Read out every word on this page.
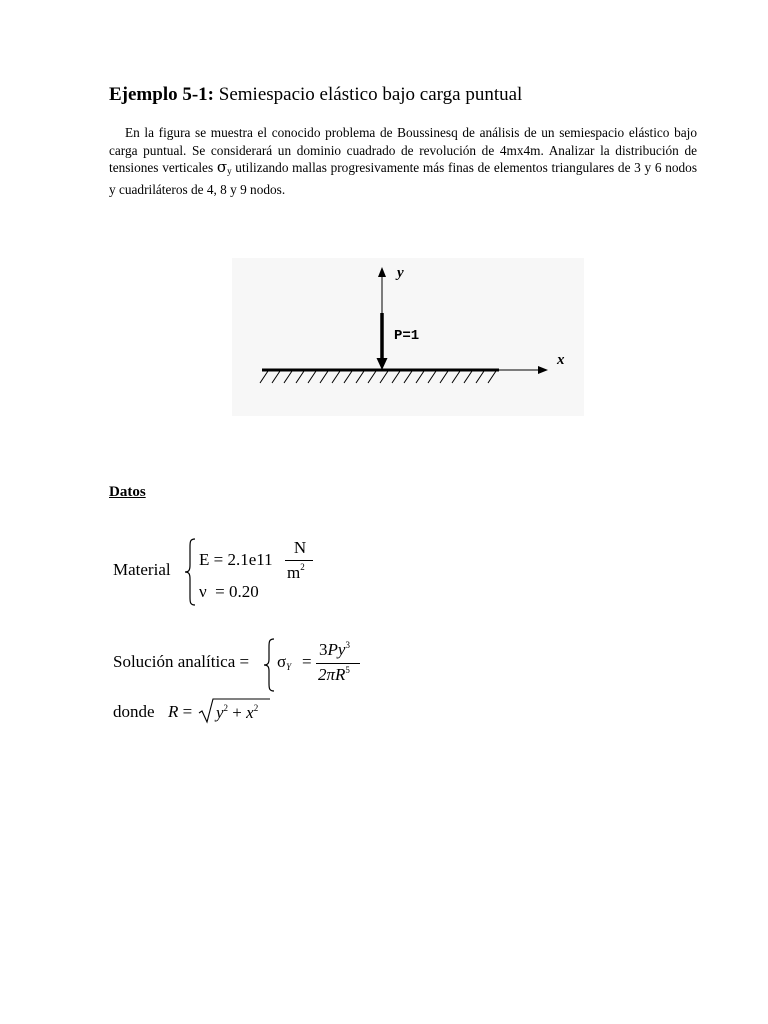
Ejemplo 5-1: Semiespacio elástico bajo carga puntual
En la figura se muestra el conocido problema de Boussinesq de análisis de un semiespacio elástico bajo carga puntual. Se considerará un dominio cuadrado de revolución de 4mx4m. Analizar la distribución de tensiones verticales $\sigma_y$ utilizando mallas progresivamente más finas de elementos triangulares de 3 y 6 nodos y cuadriláteros de 4, 8 y 9 nodos.
y
P=1
x
Datos
Material
E = 2.1e11
N
$m^2$
ν  = 0.20
Solución analítica = σY =
$3Py^3$
$2\pi R^5$
donde $R = y^2 + x^2$
